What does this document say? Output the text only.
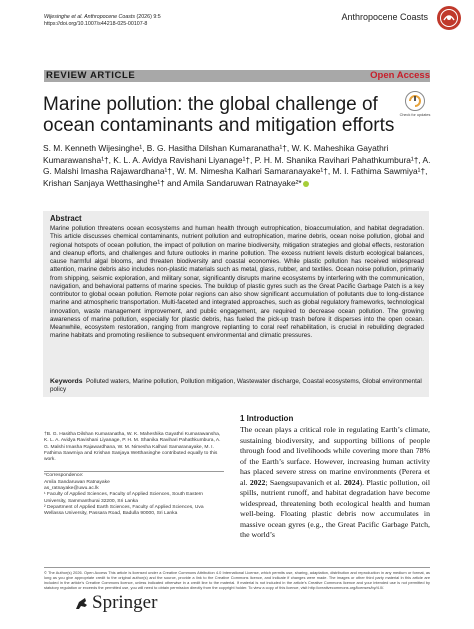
Wijesinghe et al. Anthropocene Coasts (2026) 9:5
https://doi.org/10.1007/s44218-025-00107-8
Anthropocene Coasts
REVIEW ARTICLE	Open Access
Check for updates
Marine pollution: the global challenge of ocean contaminants and mitigation efforts
S. M. Kenneth Wijesinghe¹, B. G. Hasitha Dilshan Kumaranatha¹†, W. K. Maheshika Gayathri Kumarawansha¹†, K. L. A. Avidya Ravishani Liyanage¹†, P. H. M. Shanika Ravihari Pahathkumbura¹†, A. G. Malshi Imasha Rajawardhana¹†, W. M. Nimesha Kalhari Samaranayake¹†, M. I. Fathima Sawmiya¹†, Krishan Sanjaya Wetthasinghe¹† and Amila Sandaruwan Ratnayake²*
Abstract
Marine pollution threatens ocean ecosystems and human health through eutrophication, bioaccumulation, and habitat degradation. This article discusses chemical contaminants, nutrient pollution and eutrophication, marine debris, ocean noise pollution, global and regional hotspots of ocean pollution, the impact of pollution on marine biodiversity, mitigation strategies and global effects, restoration and cleanup efforts, and challenges and future outlooks in marine pollution. The excess nutrient levels disturb ecological balances, cause harmful algal blooms, and threaten biodiversity and coastal economies. While plastic pollution has received widespread attention, marine debris also includes non-plastic materials such as metal, glass, rubber, and textiles. Ocean noise pollution, primarily from shipping, seismic exploration, and military sonar, significantly disrupts marine ecosystems by interfering with the communication, navigation, and behavioral patterns of marine species. The buildup of plastic gyres such as the Great Pacific Garbage Patch is a key contributor to global ocean pollution. Remote polar regions can also show significant accumulation of pollutants due to long-distance marine and atmospheric transportation. Multi-faceted and integrated approaches, such as global regulatory frameworks, technological innovation, waste management improvement, and public engagement, are required to decrease ocean pollution. The growing awareness of marine pollution, especially for plastic debris, has fueled the pick-up trash before it disperses into the open ocean. Meanwhile, ecosystem restoration, ranging from mangrove replanting to coral reef rehabilitation, is crucial in rebuilding degraded marine habitats and promoting resilience to subsequent environmental and climatic pressures.
Keywords Polluted waters, Marine pollution, Pollution mitigation, Wastewater discharge, Coastal ecosystems, Global environmental policy
†B. G. Hasitha Dilshan Kumaranatha, W. K. Maheshika Gayathri Kumarawansha, K. L. A. Avidya Ravishani Liyanage, P. H. M. Shanika Ravihari Pahathkumbura, A. G. Malshi Imasha Rajawardhana, W. M. Nimesha Kalhari Samaranayake, M. I. Fathima Sawmiya and Krishan Sanjaya Wetthasinghe contributed equally to this work.
*Correspondence:
Amila Sandaruwan Ratnayake
as_ratnayake@uwu.ac.lk
¹ Faculty of Applied Sciences, Faculty of Applied Sciences, South Eastern University, Sammanthurai 32200, Sri Lanka
² Department of Applied Earth Sciences, Faculty of Applied Sciences, Uva Wellassa University, Passara Road, Badulla 90000, Sri Lanka
1 Introduction
The ocean plays a critical role in regulating Earth’s climate, sustaining biodiversity, and supporting billions of people through food and livelihoods while covering more than 78% of the Earth’s surface. However, increasing human activity has placed severe stress on marine environments (Perera et al. 2022; Saengsupavanich et al. 2024). Plastic pollution, oil spills, nutrient runoff, and habitat degradation have become widespread, threatening both ecological health and human well-being. Floating plastic debris now accumulates in massive ocean gyres (e.g., the Great Pacific Garbage Patch, the world’s
© The Author(s) 2026. Open Access This article is licensed under a Creative Commons Attribution 4.0 International License, which permits use, sharing, adaptation, distribution and reproduction in any medium or format, as long as you give appropriate credit to the original author(s) and the source, provide a link to the Creative Commons licence, and indicate if changes were made. The images or other third party material in this article are included in the article’s Creative Commons licence, unless indicated otherwise in a credit line to the material. If material is not included in the article’s Creative Commons licence and your intended use is not permitted by statutory regulation or exceeds the permitted use, you will need to obtain permission directly from the copyright holder. To view a copy of this licence, visit http://creativecommons.org/licenses/by/4.0/.
Springer
